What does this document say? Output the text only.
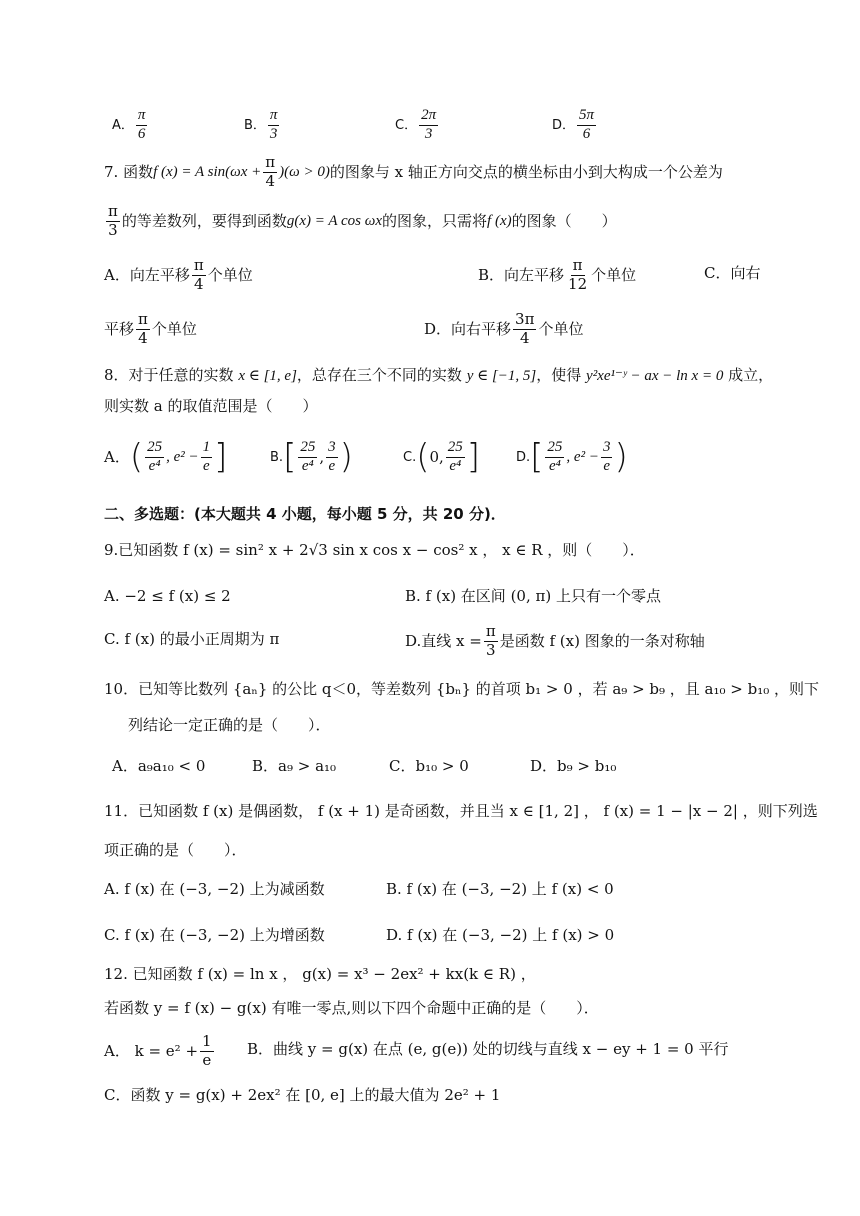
A． $\frac{\pi}{6}$	B． $\frac{\pi}{3}$	C． $\frac{2\pi}{3}$	D． $\frac{5\pi}{6}$
7. 函数 f (x) = A $\sin(\omega x + \frac{\pi}{4} )(\omega > 0)$ 的图象与 x 轴正方向交点的横坐标由小到大构成一个公差为
$\frac{\pi}{3}$ 的等差数列，要得到函数 g(x) = A cos ωx 的图象，只需将 f (x) 的图象（　　）
A．向左平移 $\frac{\pi}{4}$ 个单位	B．向左平移 $\frac{\pi}{12}$ 个单位	C．向右
平移 $\frac{\pi}{4}$ 个单位	D．向右平移 $\frac{3\pi}{4}$ 个单位
8．对于任意的实数 x ∈ [1, e]，总存在三个不同的实数 y ∈ [−1, 5]，使得 y²xe¹⁻ʸ − ax − ln x = 0 成立，
则实数 a 的取值范围是（　　）
A． ( $\frac{25}{\text{e⁴}}$ , $e^2 - \frac{1}{e}$ ]	B. [ $\frac{25}{\text{e⁴}}$ , $\frac{3}{e}$ )	C. ( 0, $\frac{25}{\text{e⁴}}$ ]	D. [ $\frac{25}{\text{e⁴}}$ , $e^2 - \frac{3}{e}$ )
二、多选题：(本大题共 4 小题，每小题 5 分，共 20 分)．
9.已知函数 f (x) = sin² x + 2√3 sin x cos x − cos² x ， x ∈ R ，则（　　）．
A. −2 ≤ f (x) ≤ 2	B. f (x) 在区间 (0, π) 上只有一个零点
C. f (x) 的最小正周期为 π	D.直线 $x = \frac{\pi}{3}$ 是函数 f (x) 图象的一条对称轴
10．已知等比数列 {aₙ} 的公比 q＜0，等差数列 {bₙ} 的首项 b₁ > 0 ，若 a₉ > b₉ ，且 a₁₀ > b₁₀ ，则下
列结论一定正确的是（　　）．
A．a₉a₁₀ < 0	B．a₉ > a₁₀	C．b₁₀ > 0	D．b₉ > b₁₀
11．已知函数 f (x) 是偶函数， f (x + 1) 是奇函数，并且当 x ∈ [1, 2] ， f (x) = 1 − |x − 2| ，则下列选
项正确的是（　　）．
A. f (x) 在 (−3, −2) 上为减函数	B. f (x) 在 (−3, −2) 上 f (x) < 0
C. f (x) 在 (−3, −2) 上为增函数	D. f (x) 在 (−3, −2) 上 f (x) > 0
12. 已知函数 f (x) = ln x ， g(x) = x³ − 2ex² + kx(k ∈ R) ，
若函数 y = f (x) − g(x) 有唯一零点,则以下四个命题中正确的是（　　）．
A． $k = e^2 + \frac{1}{e}$ B．曲线 y = g(x) 在点 (e, g(e)) 处的切线与直线 x − ey + 1 = 0 平行
C．函数 y = g(x) + 2ex² 在 [0, e] 上的最大值为 2e² + 1
